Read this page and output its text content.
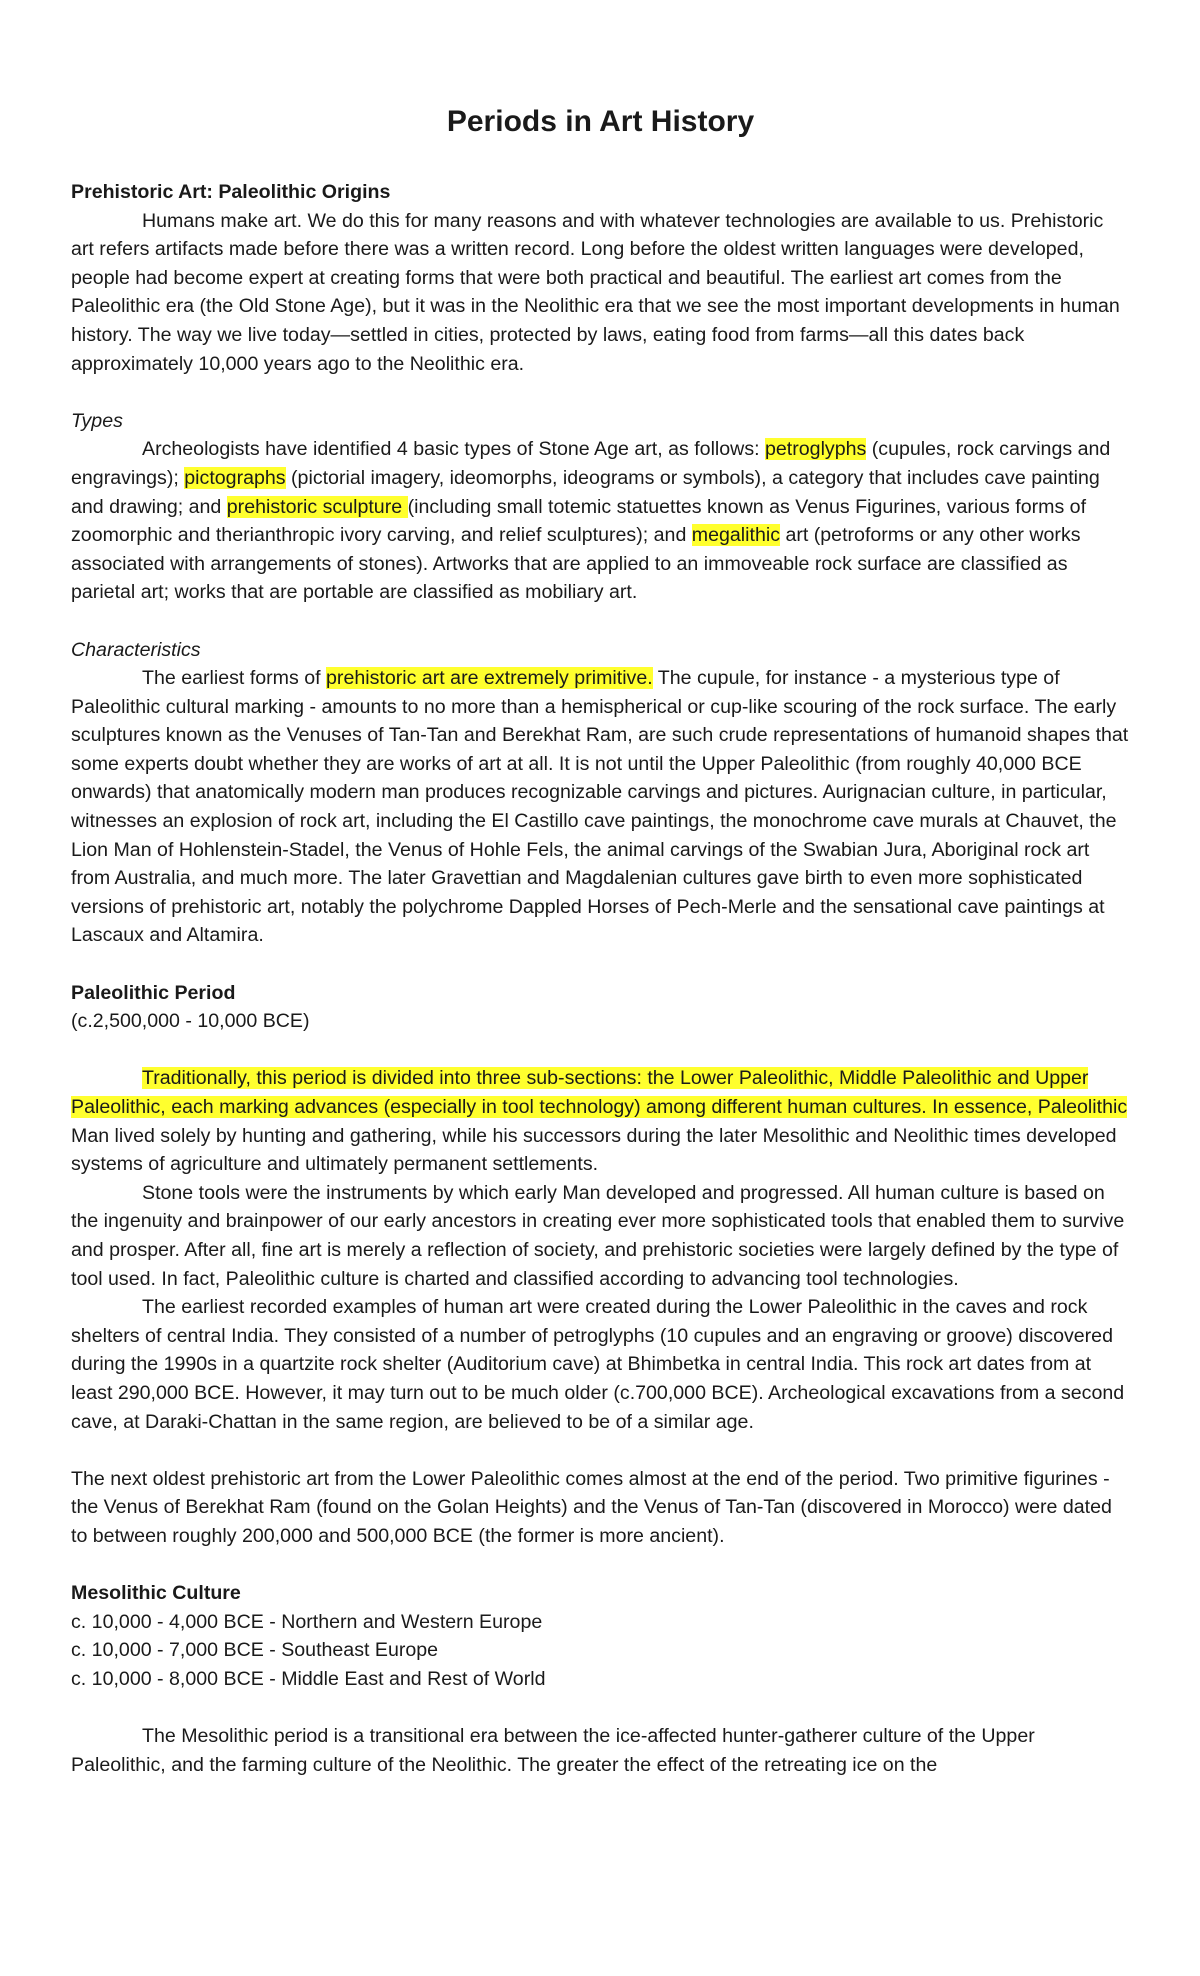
Periods in Art History
Prehistoric Art: Paleolithic Origins

Humans make art. We do this for many reasons and with whatever technologies are available to us. Prehistoric art refers artifacts made before there was a written record. Long before the oldest written languages were developed, people had become expert at creating forms that were both practical and beautiful. The earliest art comes from the Paleolithic era (the Old Stone Age), but it was in the Neolithic era that we see the most important developments in human history. The way we live today—settled in cities, protected by laws, eating food from farms—all this dates back approximately 10,000 years ago to the Neolithic era.

Types

Archeologists have identified 4 basic types of Stone Age art, as follows: petroglyphs (cupules, rock carvings and engravings); pictographs (pictorial imagery, ideomorphs, ideograms or symbols), a category that includes cave painting and drawing; and prehistoric sculpture (including small totemic statuettes known as Venus Figurines, various forms of zoomorphic and therianthropic ivory carving, and relief sculptures); and megalithic art (petroforms or any other works associated with arrangements of stones). Artworks that are applied to an immoveable rock surface are classified as parietal art; works that are portable are classified as mobiliary art.

Characteristics

The earliest forms of prehistoric art are extremely primitive. The cupule, for instance - a mysterious type of Paleolithic cultural marking - amounts to no more than a hemispherical or cup-like scouring of the rock surface. The early sculptures known as the Venuses of Tan-Tan and Berekhat Ram, are such crude representations of humanoid shapes that some experts doubt whether they are works of art at all. It is not until the Upper Paleolithic (from roughly 40,000 BCE onwards) that anatomically modern man produces recognizable carvings and pictures. Aurignacian culture, in particular, witnesses an explosion of rock art, including the El Castillo cave paintings, the monochrome cave murals at Chauvet, the Lion Man of Hohlenstein-Stadel, the Venus of Hohle Fels, the animal carvings of the Swabian Jura, Aboriginal rock art from Australia, and much more. The later Gravettian and Magdalenian cultures gave birth to even more sophisticated versions of prehistoric art, notably the polychrome Dappled Horses of Pech-Merle and the sensational cave paintings at Lascaux and Altamira.

Paleolithic Period
(c.2,500,000 - 10,000 BCE)

Traditionally, this period is divided into three sub-sections: the Lower Paleolithic, Middle Paleolithic and Upper Paleolithic, each marking advances (especially in tool technology) among different human cultures. In essence, Paleolithic Man lived solely by hunting and gathering, while his successors during the later Mesolithic and Neolithic times developed systems of agriculture and ultimately permanent settlements.

Stone tools were the instruments by which early Man developed and progressed. All human culture is based on the ingenuity and brainpower of our early ancestors in creating ever more sophisticated tools that enabled them to survive and prosper. After all, fine art is merely a reflection of society, and prehistoric societies were largely defined by the type of tool used. In fact, Paleolithic culture is charted and classified according to advancing tool technologies.

The earliest recorded examples of human art were created during the Lower Paleolithic in the caves and rock shelters of central India. They consisted of a number of petroglyphs (10 cupules and an engraving or groove) discovered during the 1990s in a quartzite rock shelter (Auditorium cave) at Bhimbetka in central India. This rock art dates from at least 290,000 BCE. However, it may turn out to be much older (c.700,000 BCE). Archeological excavations from a second cave, at Daraki-Chattan in the same region, are believed to be of a similar age.

The next oldest prehistoric art from the Lower Paleolithic comes almost at the end of the period. Two primitive figurines - the Venus of Berekhat Ram (found on the Golan Heights) and the Venus of Tan-Tan (discovered in Morocco) were dated to between roughly 200,000 and 500,000 BCE (the former is more ancient).

Mesolithic Culture
c. 10,000 - 4,000 BCE - Northern and Western Europe
c. 10,000 - 7,000 BCE - Southeast Europe
c. 10,000 - 8,000 BCE - Middle East and Rest of World

The Mesolithic period is a transitional era between the ice-affected hunter-gatherer culture of the Upper Paleolithic, and the farming culture of the Neolithic. The greater the effect of the retreating ice on the
